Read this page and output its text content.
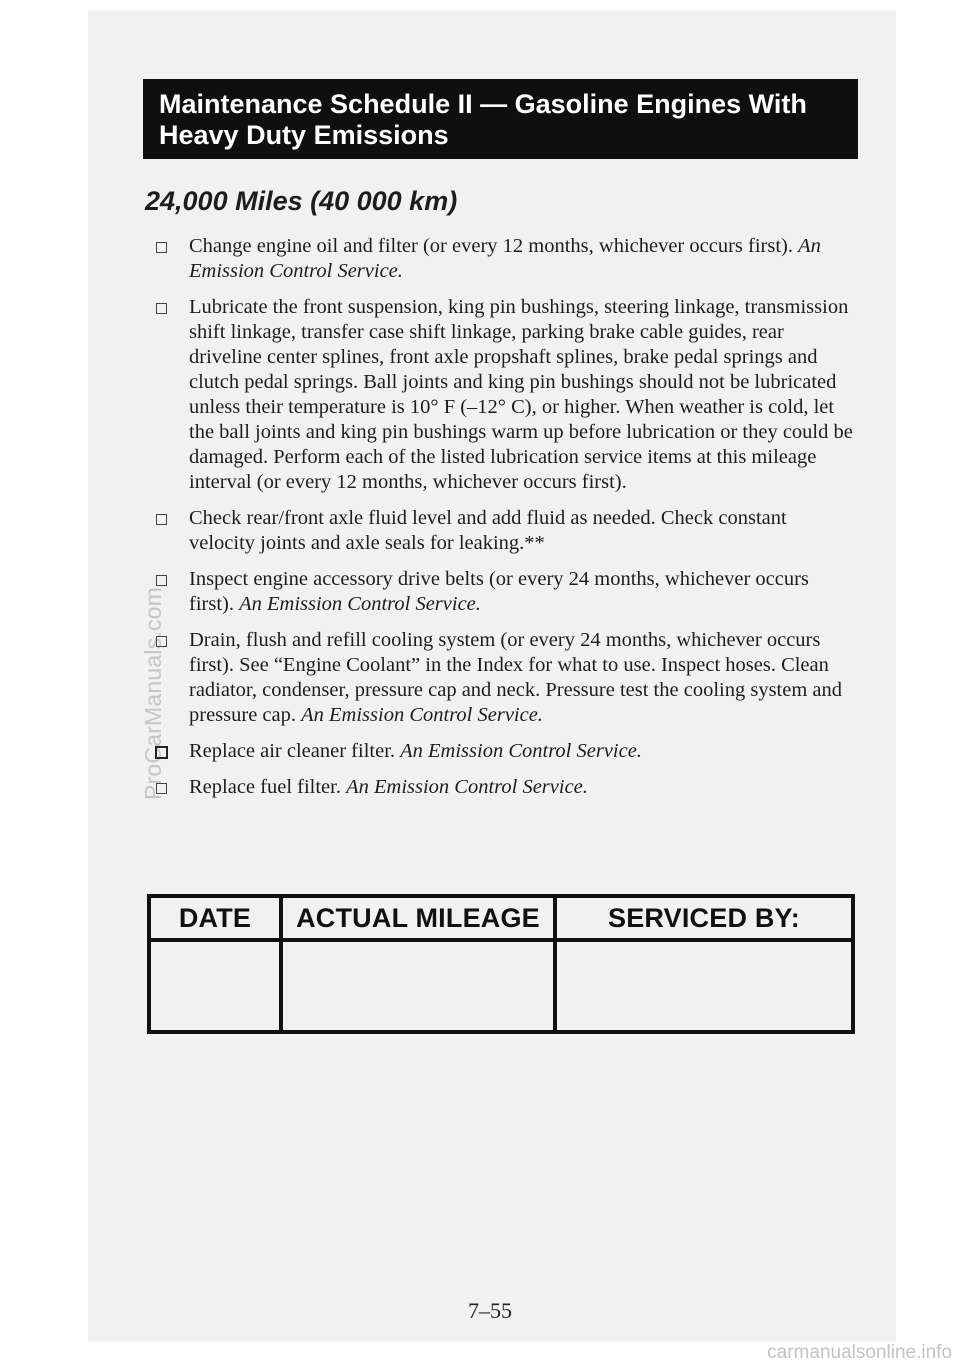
ProCarManuals.com
Maintenance Schedule II — Gasoline Engines With
Heavy Duty Emissions
24,000 Miles (40 000 km)
Change engine oil and filter (or every 12 months, whichever occurs first). An Emission Control Service.
Lubricate the front suspension, king pin bushings, steering linkage, transmission shift linkage, transfer case shift linkage, parking brake cable guides, rear driveline center splines, front axle propshaft splines, brake pedal springs and clutch pedal springs. Ball joints and king pin bushings should not be lubricated unless their temperature is 10° F (–12° C), or higher. When weather is cold, let the ball joints and king pin bushings warm up before lubrication or they could be damaged. Perform each of the listed lubrication service items at this mileage interval (or every 12 months, whichever occurs first).
Check rear/front axle fluid level and add fluid as needed. Check constant velocity joints and axle seals for leaking.**
Inspect engine accessory drive belts (or every 24 months, whichever occurs first). An Emission Control Service.
Drain, flush and refill cooling system (or every 24 months, whichever occurs first). See “Engine Coolant” in the Index for what to use. Inspect hoses. Clean radiator, condenser, pressure cap and neck. Pressure test the cooling system and pressure cap. An Emission Control Service.
Replace air cleaner filter. An Emission Control Service.
Replace fuel filter. An Emission Control Service.
DATE	ACTUAL MILEAGE	SERVICED BY:

7–55
carmanualsonline.info
